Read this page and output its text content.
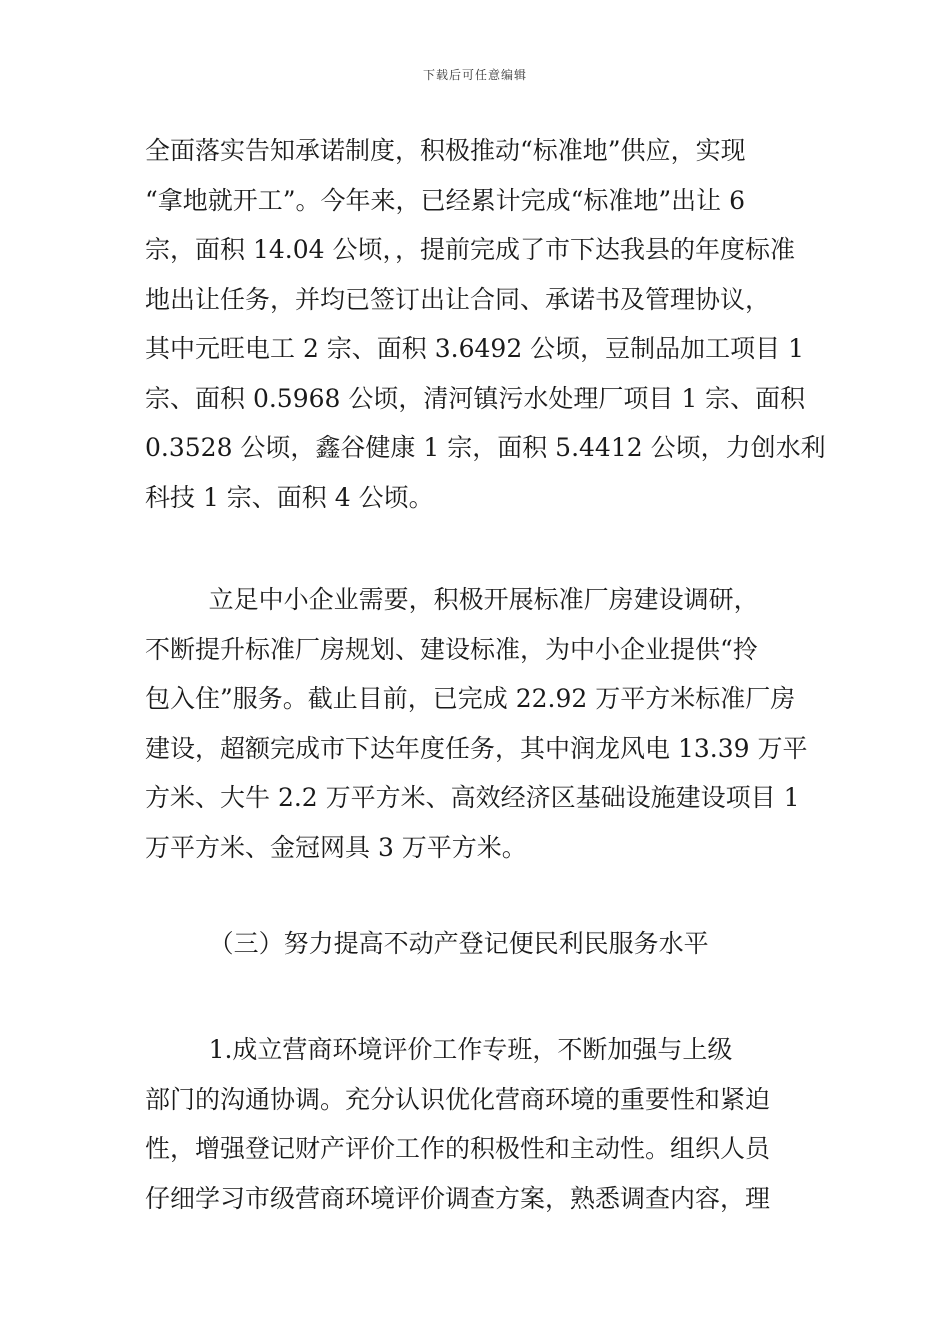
下载后可任意编辑
全面落实告知承诺制度，积极推动“标准地”供应，实现
“拿地就开工”。今年来，已经累计完成“标准地”出让 6
宗，面积 14.04 公顷，，提前完成了市下达我县的年度标准
地出让任务，并均已签订出让合同、承诺书及管理协议，
其中元旺电工 2 宗、面积 3.6492 公顷，豆制品加工项目 1
宗、面积 0.5968 公顷，清河镇污水处理厂项目 1 宗、面积
0.3528 公顷，鑫谷健康 1 宗，面积 5.4412 公顷，力创水利
科技 1 宗、面积 4 公顷。
立足中小企业需要，积极开展标准厂房建设调研，
不断提升标准厂房规划、建设标准，为中小企业提供“拎
包入住”服务。截止目前，已完成 22.92 万平方米标准厂房
建设，超额完成市下达年度任务，其中润龙风电 13.39 万平
方米、大牛 2.2 万平方米、高效经济区基础设施建设项目 1
万平方米、金冠网具 3 万平方米。
（三）努力提高不动产登记便民利民服务水平
1.成立营商环境评价工作专班，不断加强与上级
部门的沟通协调。充分认识优化营商环境的重要性和紧迫
性，增强登记财产评价工作的积极性和主动性。组织人员
仔细学习市级营商环境评价调查方案，熟悉调查内容，理
